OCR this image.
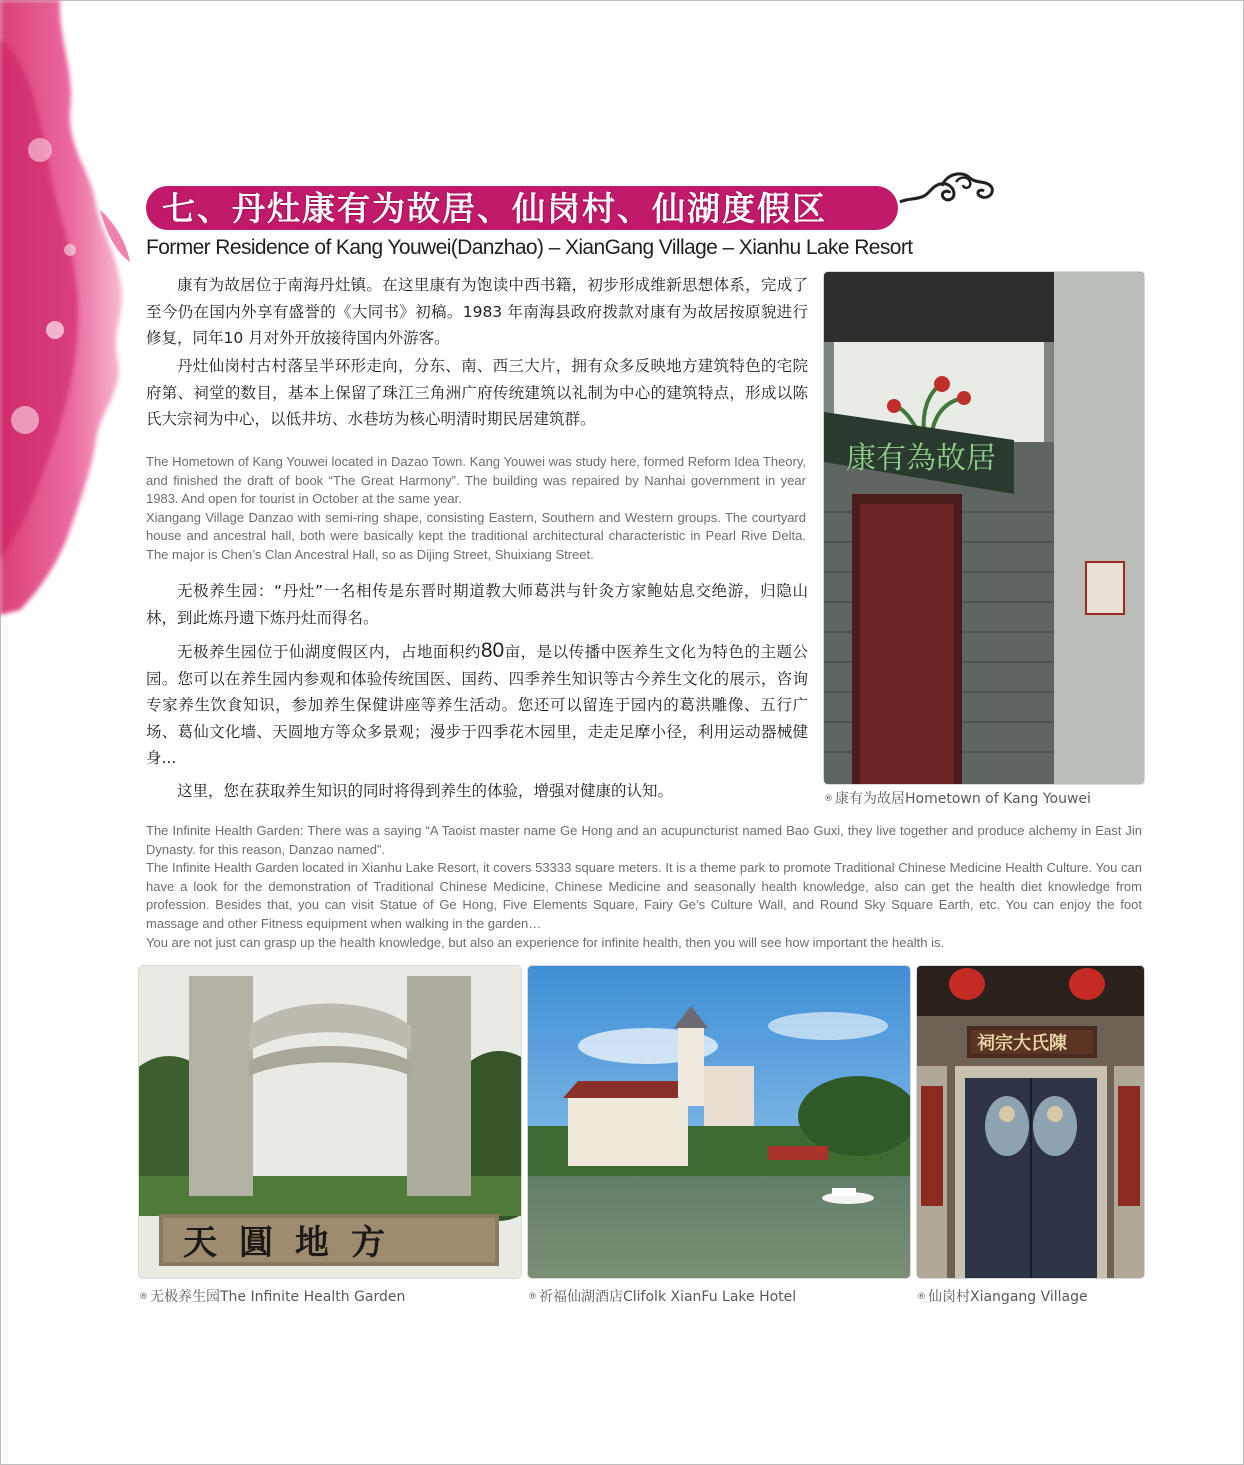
七、丹灶康有为故居、仙岗村、仙湖度假区
Former Residence of Kang Youwei(Danzhao) – XianGang Village – Xianhu Lake Resort

康有为故居位于南海丹灶镇。在这里康有为饱读中西书籍，初步形成维新思想体系，完成了至今仍在国内外享有盛誉的《大同书》初稿。1983 年南海县政府拨款对康有为故居按原貌进行修复，同年10 月对外开放接待国内外游客。

丹灶仙岗村古村落呈半环形走向，分东、南、西三大片，拥有众多反映地方建筑特色的宅院府第、祠堂的数目，基本上保留了珠江三角洲广府传统建筑以礼制为中心的建筑特点，形成以陈氏大宗祠为中心，以低井坊、水巷坊为核心明清时期民居建筑群。

The Hometown of Kang Youwei located in Dazao Town. Kang Youwei was study here, formed Reform Idea Theory, and finished the draft of book “The Great Harmony”. The building was repaired by Nanhai government in year 1983. And open for tourist in October at the same year.
Xiangang Village Danzao with semi-ring shape, consisting Eastern, Southern and Western groups. The courtyard house and ancestral hall, both were basically kept the traditional architectural characteristic in Pearl Rive Delta. The major is Chen’s Clan Ancestral Hall, so as Dijing Street, Shuixiang Street.

无极养生园：“丹灶”一名相传是东晋时期道教大师葛洪与针灸方家鲍姑息交绝游，归隐山林，到此炼丹遗下炼丹灶而得名。

无极养生园位于仙湖度假区内，占地面积约80亩，是以传播中医养生文化为特色的主题公园。您可以在养生园内参观和体验传统国医、国药、四季养生知识等古今养生文化的展示，咨询专家养生饮食知识，参加养生保健讲座等养生活动。您还可以留连于园内的葛洪雕像、五行广场、葛仙文化墙、天圆地方等众多景观；漫步于四季花木园里，走走足摩小径，利用运动器械健身...

这里，您在获取养生知识的同时将得到养生的体验，增强对健康的认知。

The Infinite Health Garden: There was a saying “A Taoist master name Ge Hong and an acupuncturist named Bao Guxi, they live together and produce alchemy in East Jin Dynasty. for this reason, Danzao named”.
The Infinite Health Garden located in Xianhu Lake Resort, it covers 53333 square meters. It is a theme park to promote Traditional Chinese Medicine Health Culture. You can have a look for the demonstration of Traditional Chinese Medicine, Chinese Medicine and seasonally health knowledge, also can get the health diet knowledge from profession. Besides that, you can visit Statue of Ge Hong, Five Elements Square, Fairy Ge’s Culture Wall, and Round Sky Square Earth, etc. You can enjoy the foot massage and other Fitness equipment when walking in the garden…
You are not just can grasp up the health knowledge, but also an experience for infinite health, then you will see how important the health is.
康有為故居
® 康有为故居Hometown of Kang Youwei
天圓地方
® 无极养生园The Infinite Health Garden	® 祈福仙湖酒店Clifolk XianFu Lake Hotel
祠宗大氏陳
® 仙岗村Xiangang Village
